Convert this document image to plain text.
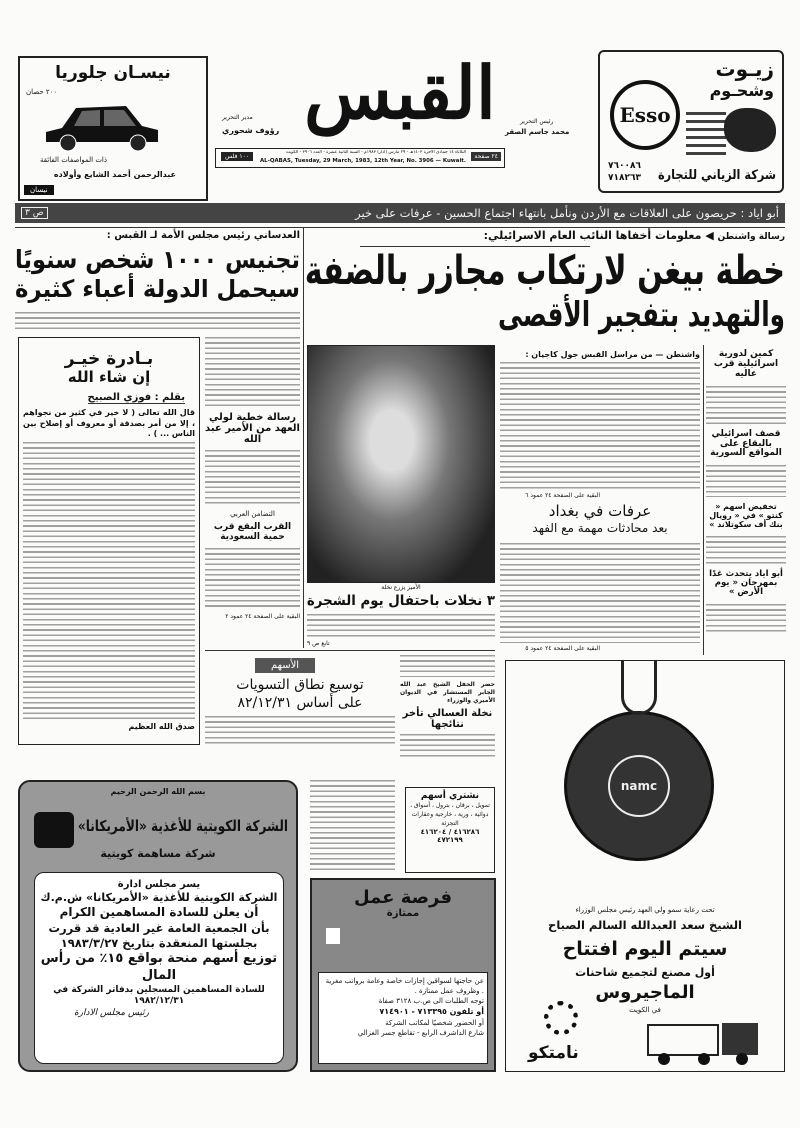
نيسـان جلوريا
٢٠٠ حصان
ذات المواصفات الفائقة
عبدالرحمن أحمد الشايع وأولاده
نيسان
القبس	رئيس التحرير
محمد جاسم الصقر
مدير التحرير
رؤوف شحوري
١٠٠ فلس	٢٤ صفحة
الثلاثاء ١٤ جمادى الآخرة ١٤٠٣هـ - ٢٩ مارس (آذار) ١٩٨٣م - السنة الثانية عشرة - العدد ٣٩٠٦ - الكويت
AL-QABAS, Tuesday, 29 March, 1983, 12th Year, No. 3906 — Kuwait.
زيـوت
وشحـوم
Esso
شركة الزياني للتجارة
٧٦٠٠٨٦
٧١٨٢٦٣
أبو اياد : حريصون على العلاقات مع الأردن ونأمل بانتهاء اجتماع الحسين - عرفات على خير
ص ٣
رسالة واشنطن ◀ معلومات أخفاها النائب العام الاسرائيلي:
خطة بيغن لارتكاب مجازر بالضفة
والتهديد بتفجير الأقصى
العدساني رئيس مجلس الأمة لـ القبس :
تجنيس ١٠٠٠ شخص سنويًا
سيحمل الدولة أعباء كثيرة
بـادرة خيـر
إن شاء الله
بقلم : فوزي الصبيح
قال الله تعالى ( لا خير في كثير من نجواهم ، إلا من أمر بصدقة أو معروف أو إصلاح بين الناس ... ) .
صدق الله العظيم
رسالة خطية لولي العهد من الأمير عبد الله
التضامن العربي
القرب البقع قرب حمية السعودية
البقية على الصفحة ٢٤ عمود ٢
الأمير يزرع نخلة
٣ نخلات باحتفال يوم الشجرة
تابع ص ٩
واشنطن — من مراسل القبس جول كاجيان :
البقية على الصفحة ٢٤ عمود ٦
كمين لدورية اسرائيلية قرب عاليه
قصف اسرائيلي بالبقاع على المواقع السورية
تخفيض اسهم « كنتو » في « رويال بنك أف سكوتلاند »
أبو اياد يتحدث غدًا بمهرجان « يوم الأرض »
عرفات في بغداد
بعد محادثات مهمة مع الفهد
البقية على الصفحة ٢٤ عمود ٥
الأسهم
توسيع نطاق التسويات
على أساس ٨٢/١٢/٣١
حضر الحفل الشيخ عبد الله الجابر المستشار في الديوان الأميري والوزراء
نخلة العسالي تأخر نتائجها
نشتري أسهم
تمويل ، برقان ، بترول ، أسواق ، دوائية ، ورية ، خارجية وعقارات التجزئة
٤١٦٢٨٦ / ٤١٦٢٠٤
٤٧٢١٩٩
بسم الله الرحمن الرحيم
الشركة الكويتية للأغذية «الأمريكانا»
شركة مساهمة كويتية
يسر مجلس ادارة
الشركة الكويتية للأغذية «الأمريكانا» ش.م.ك
أن يعلن للسادة المساهمين الكرام
بأن الجمعية العامة غير العادية قد قررت
بجلستها المنعقدة بتاريخ ١٩٨٣/٣/٢٧
توزيع أسهم منحة بواقع ١٥٪ من رأس المال
للسادة المساهمين المسجلين بدفاتر الشركة في ١٩٨٢/١٢/٣١
رئيس مجلس الادارة
فرصة عمل
ممتازة
عن حاجتها لسواقين إجازات خاصة وعامة برواتب مغرية . وظروف عمل ممتازة .
توجه الطلبات الى ص.ب ٣١٢٨ صفاة
أو تلفون ٧١٣٣٩٥ - ٧١٤٩٠١
أو الحضور شخصيًا لمكاتب الشركة
شارع الداشرف الرابع - تقاطع جسر الغزالي
namc
تحت رعاية سمو ولي العهد رئيس مجلس الوزراء
الشيخ سعد العبدالله السالم الصباح
سيتم اليوم افتتاح
أول مصنع لتجميع شاحنات
الماجيروس
في الكويت
نامتكو
